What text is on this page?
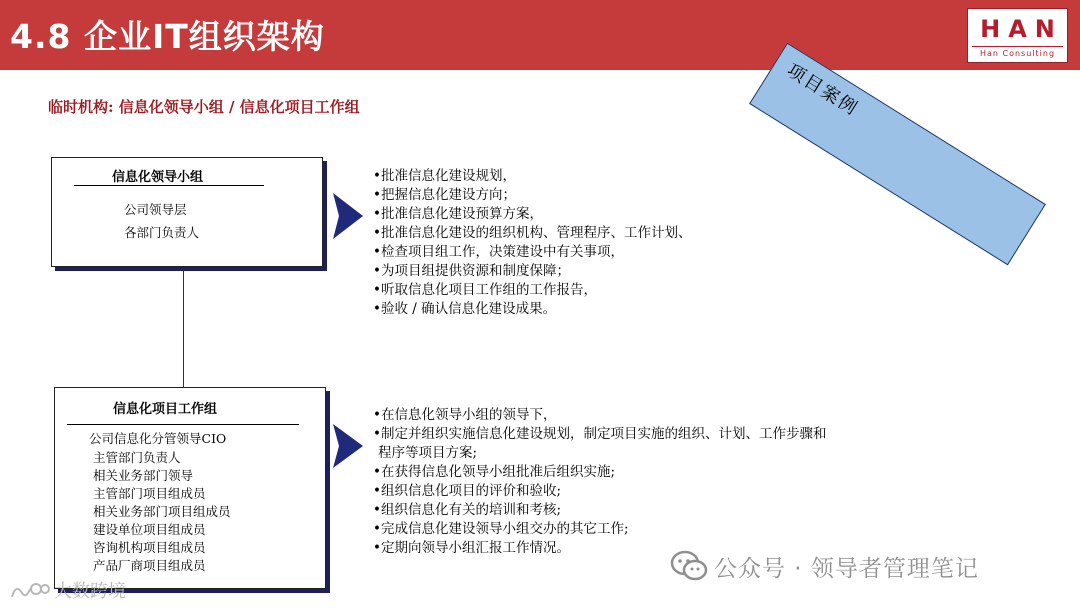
4.8 企业IT组织架构	HAN
Han Consulting
临时机构: 信息化领导小组 / 信息化项目工作组	项目案例
信息化领导小组
公司领导层
各部门负责人
信息化项目工作组
公司信息化分管领导CIO
主管部门负责人
相关业务部门领导
主管部门项目组成员
相关业务部门项目组成员
建设单位项目组成员
咨询机构项目组成员
产品厂商项目组成员
•批准信息化建设规划，
•把握信息化建设方向；
•批准信息化建设预算方案，
•批准信息化建设的组织机构、管理程序、工作计划、
•检查项目组工作，决策建设中有关事项，
•为项目组提供资源和制度保障；
•听取信息化项目工作组的工作报告，
•验收 / 确认信息化建设成果。
•在信息化领导小组的领导下，
•制定并组织实施信息化建设规划，制定项目实施的组织、计划、工作步骤和
程序等项目方案;
•在获得信息化领导小组批准后组织实施;
•组织信息化项目的评价和验收;
•组织信息化有关的培训和考核;
•完成信息化建设领导小组交办的其它工作;
•定期向领导小组汇报工作情况。
公众号 · 领导者管理笔记
大数跨境
